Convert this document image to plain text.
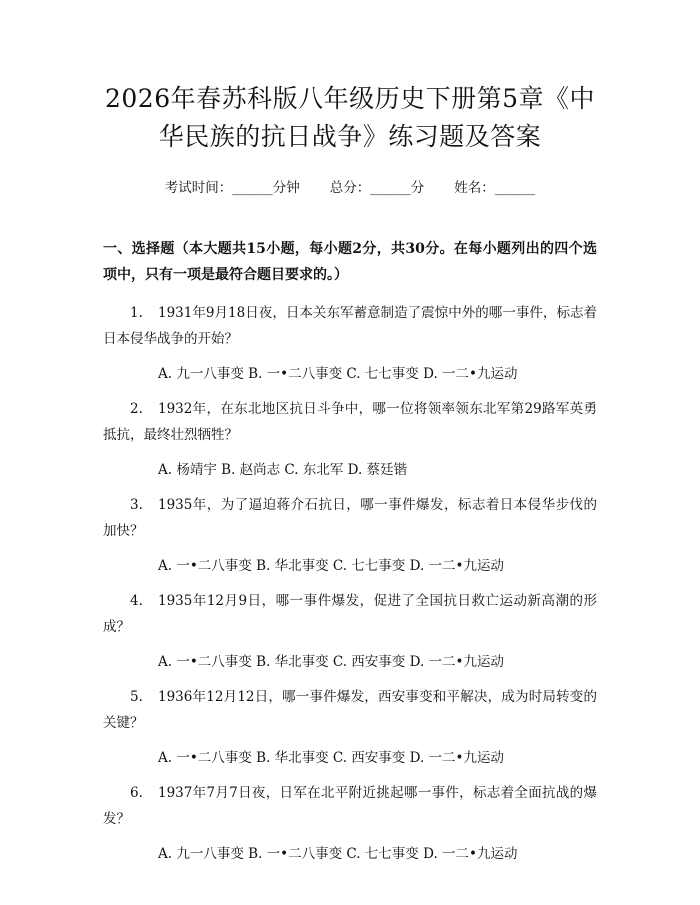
2026年春苏科版八年级历史下册第5章《中华民族的抗日战争》练习题及答案
考试时间：______分钟 总分：______分 姓名：______
一、选择题（本大题共15小题，每小题2分，共30分。在每小题列出的四个选项中，只有一项是最符合题目要求的。）
1. 1931年9月18日夜，日本关东军蓄意制造了震惊中外的哪一事件，标志着日本侵华战争的开始？
A. 九一八事变 B. 一•二八事变 C. 七七事变 D. 一二•九运动
2. 1932年，在东北地区抗日斗争中，哪一位将领率领东北军第29路军英勇抵抗，最终壮烈牺牲？
A. 杨靖宇 B. 赵尚志 C. 东北军 D. 蔡廷锴
3. 1935年，为了逼迫蒋介石抗日，哪一事件爆发，标志着日本侵华步伐的加快？
A. 一•二八事变 B. 华北事变 C. 七七事变 D. 一二•九运动
4. 1935年12月9日，哪一事件爆发，促进了全国抗日救亡运动新高潮的形成？
A. 一•二八事变 B. 华北事变 C. 西安事变 D. 一二•九运动
5. 1936年12月12日，哪一事件爆发，西安事变和平解决，成为时局转变的关键？
A. 一•二八事变 B. 华北事变 C. 西安事变 D. 一二•九运动
6. 1937年7月7日夜，日军在北平附近挑起哪一事件，标志着全面抗战的爆发？
A. 九一八事变 B. 一•二八事变 C. 七七事变 D. 一二•九运动
